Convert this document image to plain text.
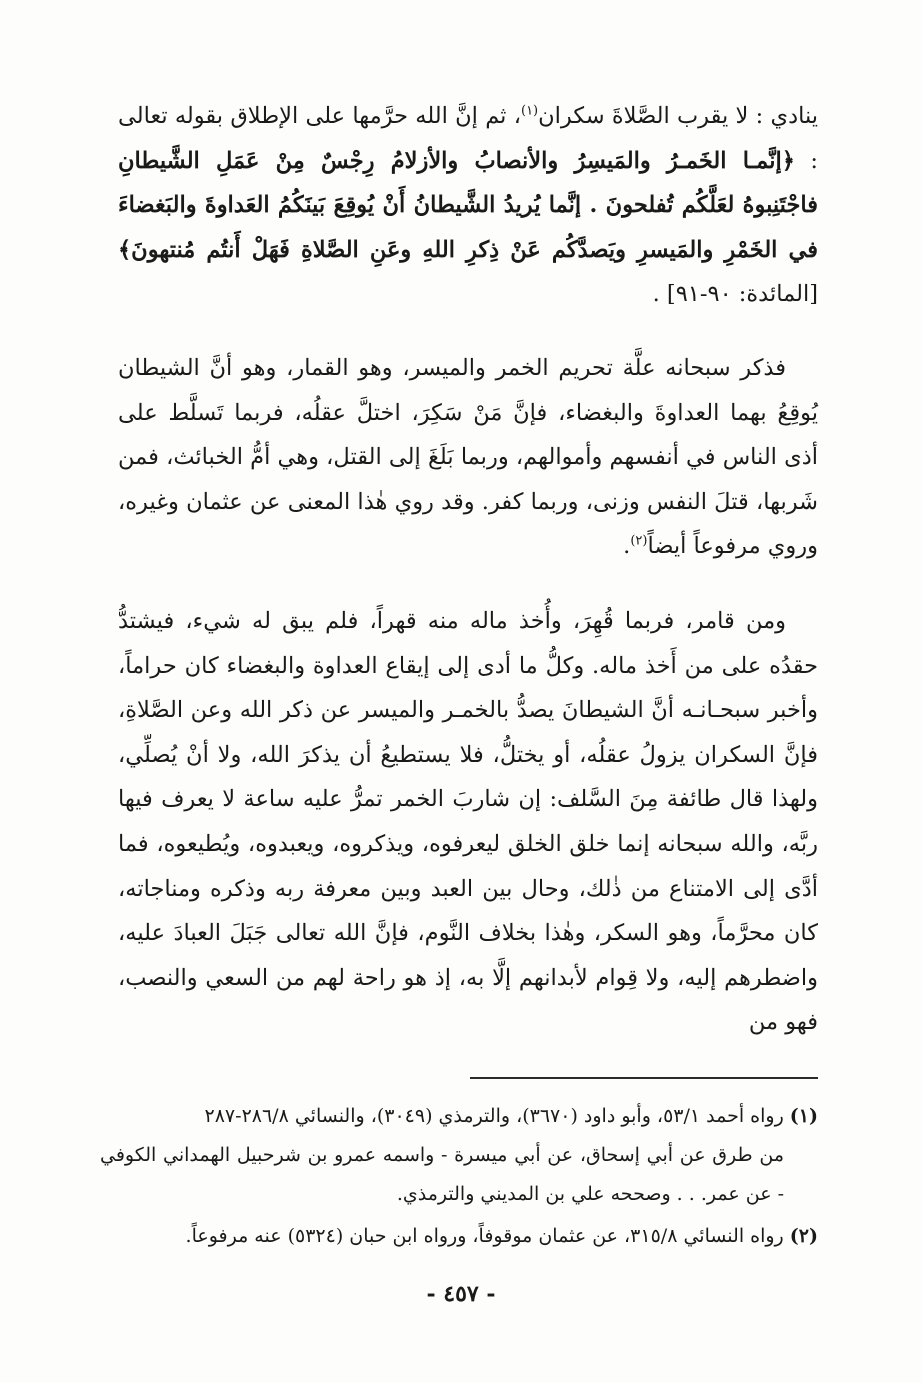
ينادي : لا يقرب الصَّلاةَ سكران$^{(١)}$، ثم إنَّ الله حرَّمها على الإطلاق بقوله تعالى : ﴿إنَّمـا الخَمـرُ والمَيسِرُ والأنصابُ والأزلامُ رِجْسٌ مِنْ عَمَلِ الشَّيطانِ فاجْتَنِبوهُ لعَلَّكُم تُفلحونَ . إنَّما يُريدُ الشَّيطانُ أَنْ يُوقِعَ بَينَكُمُ العَداوةَ والبَغضاءَ في الخَمْرِ والمَيسرِ ويَصدَّكُم عَنْ ذِكرِ اللهِ وعَنِ الصَّلاةِ فَهَلْ أَنتُم مُنتهونَ﴾ [المائدة: ٩٠-٩١] .

فذكر سبحانه علَّة تحريم الخمر والميسر، وهو القمار، وهو أنَّ الشيطان يُوقِعُ بهما العداوةَ والبغضاء، فإنَّ مَنْ سَكِرَ، اختلَّ عقلُه، فربما تَسلَّط على أذى الناس في أنفسهم وأموالهم، وربما بَلَغَ إلى القتل، وهي أمُّ الخبائث، فمن شَربها، قتلَ النفس وزنى، وربما كفر. وقد روي هٰذا المعنى عن عثمان وغيره، وروي مرفوعاً أيضاً$^{(٢)}$.

ومن قامر، فربما قُهِرَ، وأُخذ ماله منه قهراً، فلم يبق له شيء، فيشتدُّ حقدُه على من أَخذ ماله. وكلُّ ما أدى إلى إيقاع العداوة والبغضاء كان حراماً، وأخبر سبحـانـه أنَّ الشيطانَ يصدُّ بالخمـر والميسر عن ذكر الله وعن الصَّلاةِ، فإنَّ السكران يزولُ عقلُه، أو يختلُّ، فلا يستطيعُ أن يذكرَ الله، ولا أنْ يُصلِّي، ولهذا قال طائفة مِنَ السَّلف: إن شاربَ الخمر تمرُّ عليه ساعة لا يعرف فيها ربَّه، والله سبحانه إنما خلق الخلق ليعرفوه، ويذكروه، ويعبدوه، ويُطيعوه، فما أدَّى إلى الامتناع من ذٰلك، وحال بين العبد وبين معرفة ربه وذكره ومناجاته، كان محرَّماً، وهو السكر، وهٰذا بخلاف النَّوم، فإنَّ الله تعالى جَبَلَ العبادَ عليه، واضطرهم إليه، ولا قِوام لأبدانهم إلَّا به، إذ هو راحة لهم من السعي والنصب، فهو من

(١) رواه أحمد ٥٣/١، وأبو داود (٣٦٧٠)، والترمذي (٣٠٤٩)، والنسائي ٢٨٦/٨-٢٨٧

من طرق عن أبي إسحاق، عن أبي ميسرة - واسمه عمرو بن شرحبيل الهمداني الكوفي - عن عمر. . . وصححه علي بن المديني والترمذي.

(٢) رواه النسائي ٣١٥/٨، عن عثمان موقوفاً، ورواه ابن حبان (٥٣٢٤) عنه مرفوعاً.

- ٤٥٧ -
